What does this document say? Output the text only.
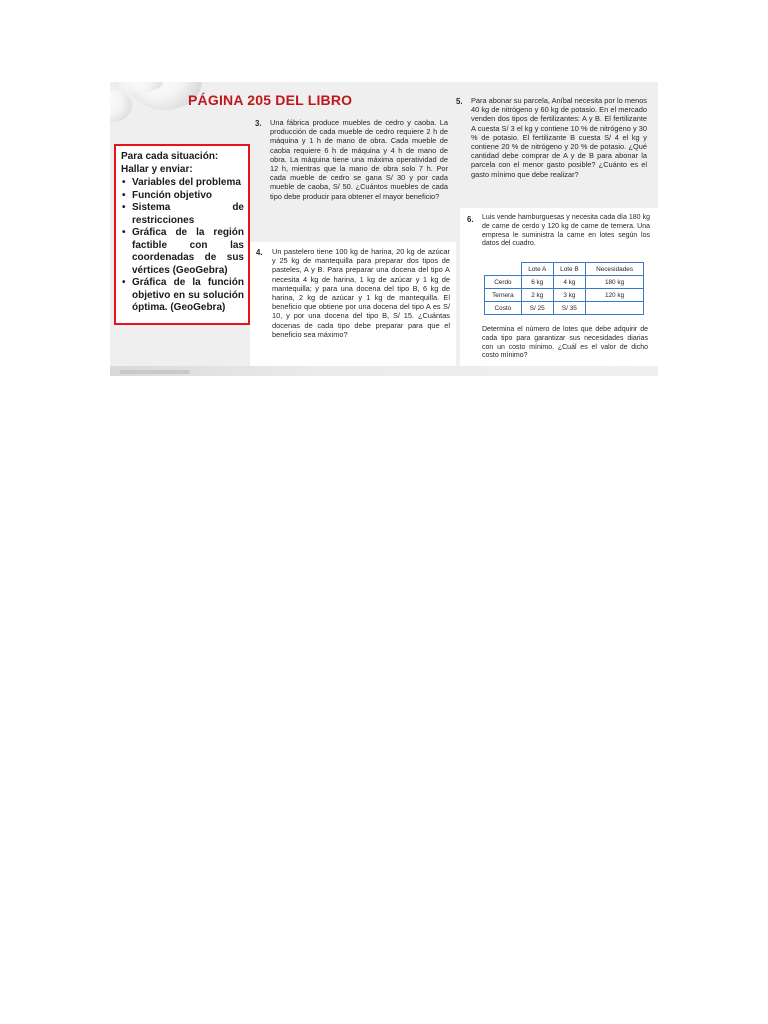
PÁGINA 205 DEL LIBRO
Para cada situación:
Hallar y enviar:
• Variables del problema
• Función objetivo
• Sistema de restricciones
• Gráfica de la región factible con las coordenadas de sus vértices (GeoGebra)
• Gráfica de la función objetivo en su solución óptima. (GeoGebra)
3. Una fábrica produce muebles de cedro y caoba. La producción de cada mueble de cedro requiere 2 h de máquina y 1 h de mano de obra. Cada mueble de caoba requiere 6 h de máquina y 4 h de mano de obra. La máquina tiene una máxima operatividad de 12 h, mientras que la mano de obra solo 7 h. Por cada mueble de cedro se gana S/ 30 y por cada mueble de caoba, S/ 50. ¿Cuántos muebles de cada tipo debe producir para obtener el mayor beneficio?
4. Un pastelero tiene 100 kg de harina, 20 kg de azúcar y 25 kg de mantequilla para preparar dos tipos de pasteles, A y B. Para preparar una docena del tipo A necesita 4 kg de harina, 1 kg de azúcar y 1 kg de mantequilla; y para una docena del tipo B, 6 kg de harina, 2 kg de azúcar y 1 kg de mantequilla. El beneficio que obtiene por una docena del tipo A es S/ 10, y por una docena del tipo B, S/ 15. ¿Cuántas docenas de cada tipo debe preparar para que el beneficio sea máximo?
5. Para abonar su parcela, Aníbal necesita por lo menos 40 kg de nitrógeno y 60 kg de potasio. En el mercado venden dos tipos de fertilizantes: A y B. El fertilizante A cuesta S/ 3 el kg y contiene 10 % de nitrógeno y 30 % de potasio. El fertilizante B cuesta S/ 4 el kg y contiene 20 % de nitrógeno y 20 % de potasio. ¿Qué cantidad debe comprar de A y de B para abonar la parcela con el menor gasto posible? ¿Cuánto es el gasto mínimo que debe realizar?
6. Luis vende hamburguesas y necesita cada día 180 kg de carne de cerdo y 120 kg de carne de ternera. Una empresa le suministra la carne en lotes según los datos del cuadro.
	Lote A	Lote B	Necesidades
Cerdo	6 kg	4 kg	180 kg
Ternera	2 kg	3 kg	120 kg
Costo	S/ 25	S/ 35	
Determina el número de lotes que debe adquirir de cada tipo para garantizar sus necesidades diarias con un costo mínimo. ¿Cuál es el valor de dicho costo mínimo?
